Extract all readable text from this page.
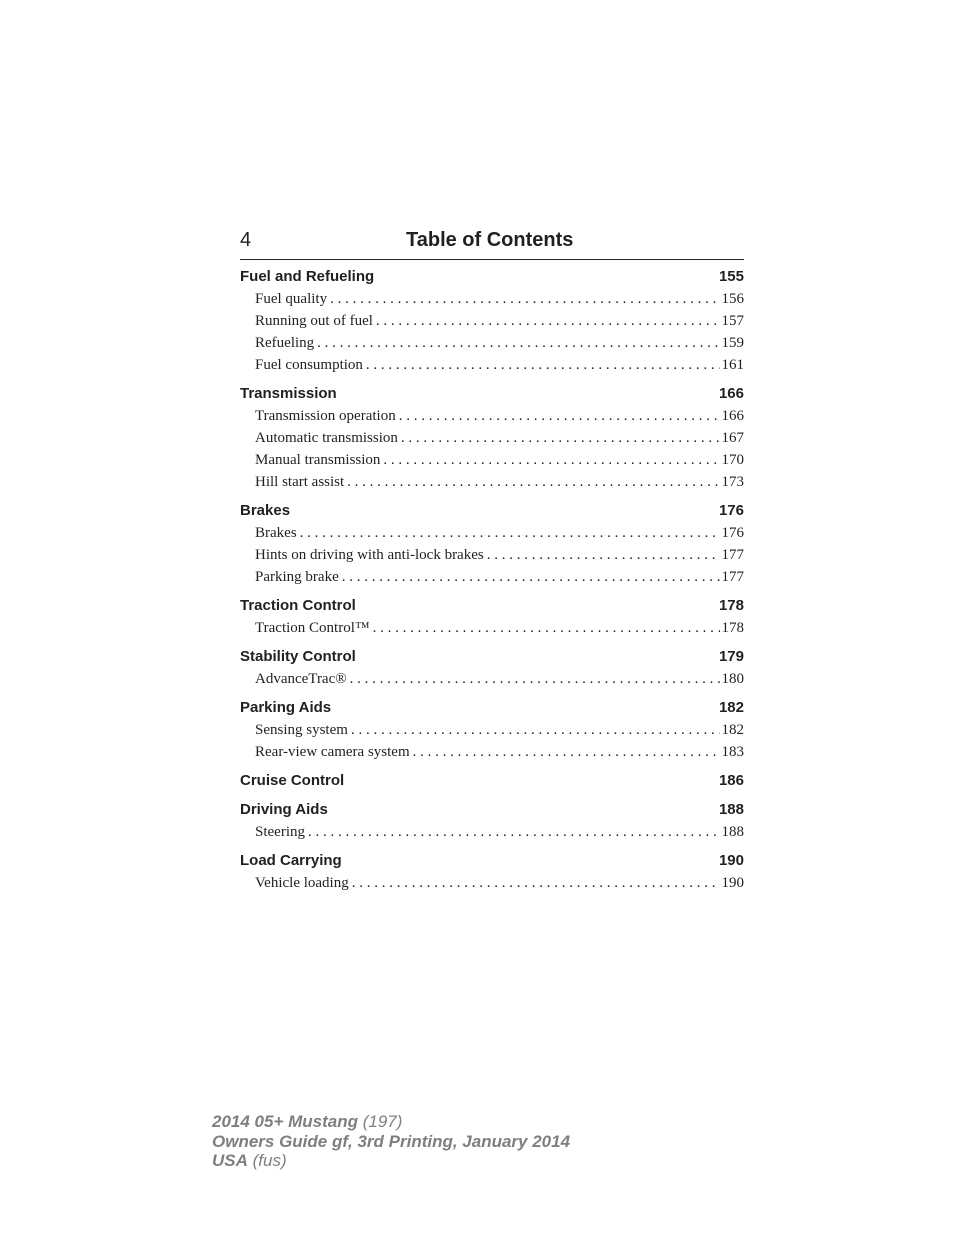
4	Table of Contents
Fuel and Refueling	155
Fuel quality . . .	156
Running out of fuel . . .	157
Refueling . . .	159
Fuel consumption . . .	161
Transmission	166
Transmission operation . . .	166
Automatic transmission . . .	167
Manual transmission . . .	170
Hill start assist . . .	173
Brakes	176
Brakes . . .	176
Hints on driving with anti-lock brakes . . .	177
Parking brake . . .	177
Traction Control	178
Traction Control™ . . .	178
Stability Control	179
AdvanceTrac® . . .	180
Parking Aids	182
Sensing system . . .	182
Rear-view camera system . . .	183
Cruise Control	186
Driving Aids	188
Steering . . .	188
Load Carrying	190
Vehicle loading . . .	190
2014 05+ Mustang (197)
Owners Guide gf, 3rd Printing, January 2014
USA (fus)
